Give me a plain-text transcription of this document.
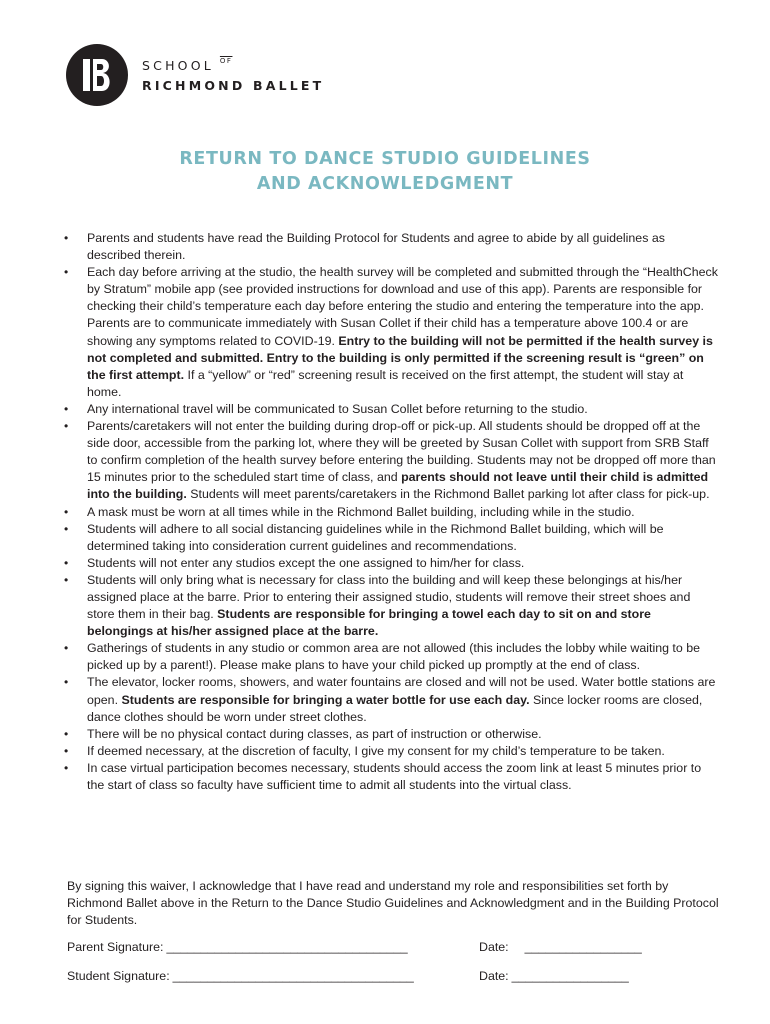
SCHOOL $\overline{OF}$
RICHMOND BALLET
RETURN TO DANCE STUDIO GUIDELINES
AND ACKNOWLEDGMENT
• Parents and students have read the Building Protocol for Students and agree to abide by all guidelines as described therein.
• Each day before arriving at the studio, the health survey will be completed and submitted through the “HealthCheck by Stratum” mobile app (see provided instructions for download and use of this app). Parents are responsible for checking their child’s temperature each day before entering the studio and entering the temperature into the app. Parents are to communicate immediately with Susan Collet if their child has a temperature above 100.4 or are showing any symptoms related to COVID-19. Entry to the building will not be permitted if the health survey is not completed and submitted. Entry to the building is only permitted if the screening result is “green” on the first attempt. If a “yellow” or “red” screening result is received on the first attempt, the student will stay at home.
• Any international travel will be communicated to Susan Collet before returning to the studio.
• Parents/caretakers will not enter the building during drop-off or pick-up. All students should be dropped off at the side door, accessible from the parking lot, where they will be greeted by Susan Collet with support from SRB Staff to confirm completion of the health survey before entering the building. Students may not be dropped off more than 15 minutes prior to the scheduled start time of class, and parents should not leave until their child is admitted into the building. Students will meet parents/caretakers in the Richmond Ballet parking lot after class for pick-up.
• A mask must be worn at all times while in the Richmond Ballet building, including while in the studio.
• Students will adhere to all social distancing guidelines while in the Richmond Ballet building, which will be determined taking into consideration current guidelines and recommendations.
• Students will not enter any studios except the one assigned to him/her for class.
• Students will only bring what is necessary for class into the building and will keep these belongings at his/her assigned place at the barre. Prior to entering their assigned studio, students will remove their street shoes and store them in their bag. Students are responsible for bringing a towel each day to sit on and store belongings at his/her assigned place at the barre.
• Gatherings of students in any studio or common area are not allowed (this includes the lobby while waiting to be picked up by a parent!). Please make plans to have your child picked up promptly at the end of class.
• The elevator, locker rooms, showers, and water fountains are closed and will not be used. Water bottle stations are open. Students are responsible for bringing a water bottle for use each day. Since locker rooms are closed, dance clothes should be worn under street clothes.
• There will be no physical contact during classes, as part of instruction or otherwise.
• If deemed necessary, at the discretion of faculty, I give my consent for my child’s temperature to be taken.
• In case virtual participation becomes necessary, students should access the zoom link at least 5 minutes prior to the start of class so faculty have sufficient time to admit all students into the virtual class.

By signing this waiver, I acknowledge that I have read and understand my role and responsibilities set forth by Richmond Ballet above in the Return to the Dance Studio Guidelines and Acknowledgment and in the Building Protocol for Students.

Parent Signature: ___________________________________	Date: _________________
Student Signature: ___________________________________	Date: _________________
